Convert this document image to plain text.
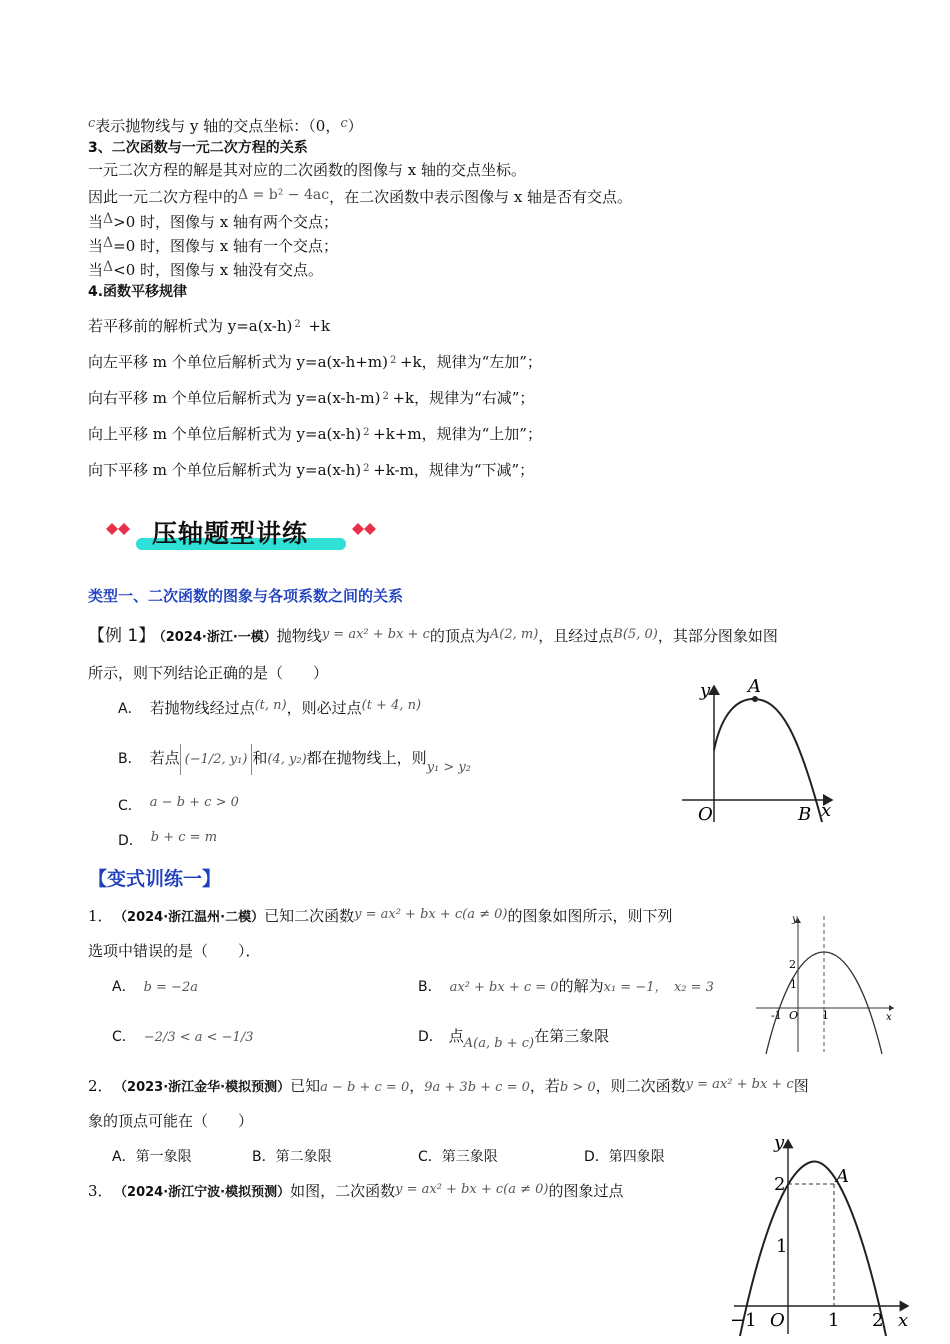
c表示抛物线与 y 轴的交点坐标：（0，c）
3、二次函数与一元二次方程的关系
一元二次方程的解是其对应的二次函数的图像与 x 轴的交点坐标。
因此一元二次方程中的Δ = b² − 4ac，在二次函数中表示图像与 x 轴是否有交点。
当Δ>0 时，图像与 x 轴有两个交点；
当Δ=0 时，图像与 x 轴有一个交点；
当Δ<0 时，图像与 x 轴没有交点。
4.函数平移规律
若平移前的解析式为 y=a(x-h) 2 +k
向左平移 m 个单位后解析式为 y=a(x-h+m) 2 +k，规律为“左加”；
向右平移 m 个单位后解析式为 y=a(x-h-m) 2 +k，规律为“右减”；
向上平移 m 个单位后解析式为 y=a(x-h) 2 +k+m，规律为“上加”；
向下平移 m 个单位后解析式为 y=a(x-h) 2 +k-m，规律为“下减”；
压轴题型讲练
类型一、二次函数的图象与各项系数之间的关系
【例 1】 （2024·浙江·一模）抛物线y = ax² + bx + c的顶点为A(2, m)，且经过点B(5, 0)，其部分图象如图
所示，则下列结论正确的是（　　）
A． 若抛物线经过点(t, n)，则必过点(t + 4, n)
B． 若点 (−1/2, y₁) 和(4, y₂)都在抛物线上，则y₁ > y₂
C． a − b + c > 0
D． b + c = m
y A
O	B x
【变式训练一】
1． （2024·浙江温州·二模）已知二次函数y = ax² + bx + c(a ≠ 0)的图象如图所示，则下列
选项中错误的是（　　）．
A． b = −2a	B． ax² + bx + c = 0的解为x₁ = −1，　x₂ = 3
C． −2/3 < a < −1/3	D． 点A(a, b + c)在第三象限
y
2
1
-1 O 1	x
2． （2023·浙江金华·模拟预测）已知a − b + c = 0，9a + 3b + c = 0，若b > 0，则二次函数y = ax² + bx + c图
象的顶点可能在（　　）
A．第一象限	B．第二象限	C．第三象限	D．第四象限
3． （2024·浙江宁波·模拟预测）如图，二次函数y = ax² + bx + c(a ≠ 0)的图象过点
y
2
1
A
−1 O 1 2 x
